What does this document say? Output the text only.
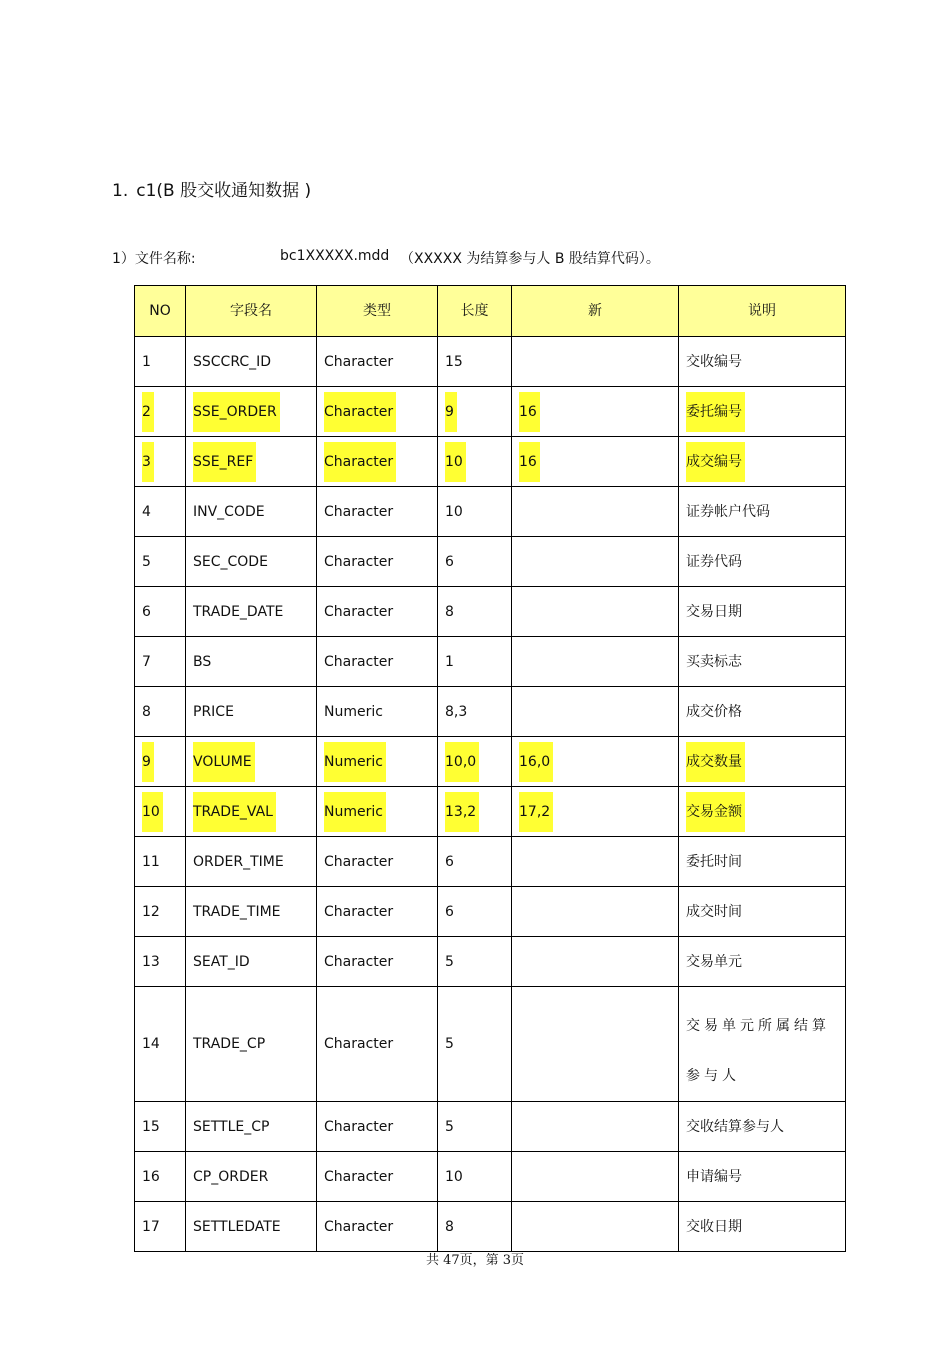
1. c1(B 股交收通知数据 )
1）文件名称:	bc1XXXXX.mdd （XXXXX 为结算参与人 B 股结算代码）。
NO	字段名	类型	长度	新	说明
1	SSCCRC_ID	Character	15		交收编号
2	SSE_ORDER	Character	9	16	委托编号
3	SSE_REF	Character	10	16	成交编号
4	INV_CODE	Character	10		证券帐户代码
5	SEC_CODE	Character	6		证券代码
6	TRADE_DATE	Character	8		交易日期
7	BS	Character	1		买卖标志
8	PRICE	Numeric	8,3		成交价格
9	VOLUME	Numeric	10,0	16,0	成交数量
10	TRADE_VAL	Numeric	13,2	17,2	交易金额
11	ORDER_TIME	Character	6		委托时间
12	TRADE_TIME	Character	6		成交时间
13	SEAT_ID	Character	5		交易单元
14	TRADE_CP	Character	5		交易单元所属结算参与人
15	SETTLE_CP	Character	5		交收结算参与人
16	CP_ORDER	Character	10		申请编号
17	SETTLEDATE	Character	8		交收日期
共 47页，第 3页
